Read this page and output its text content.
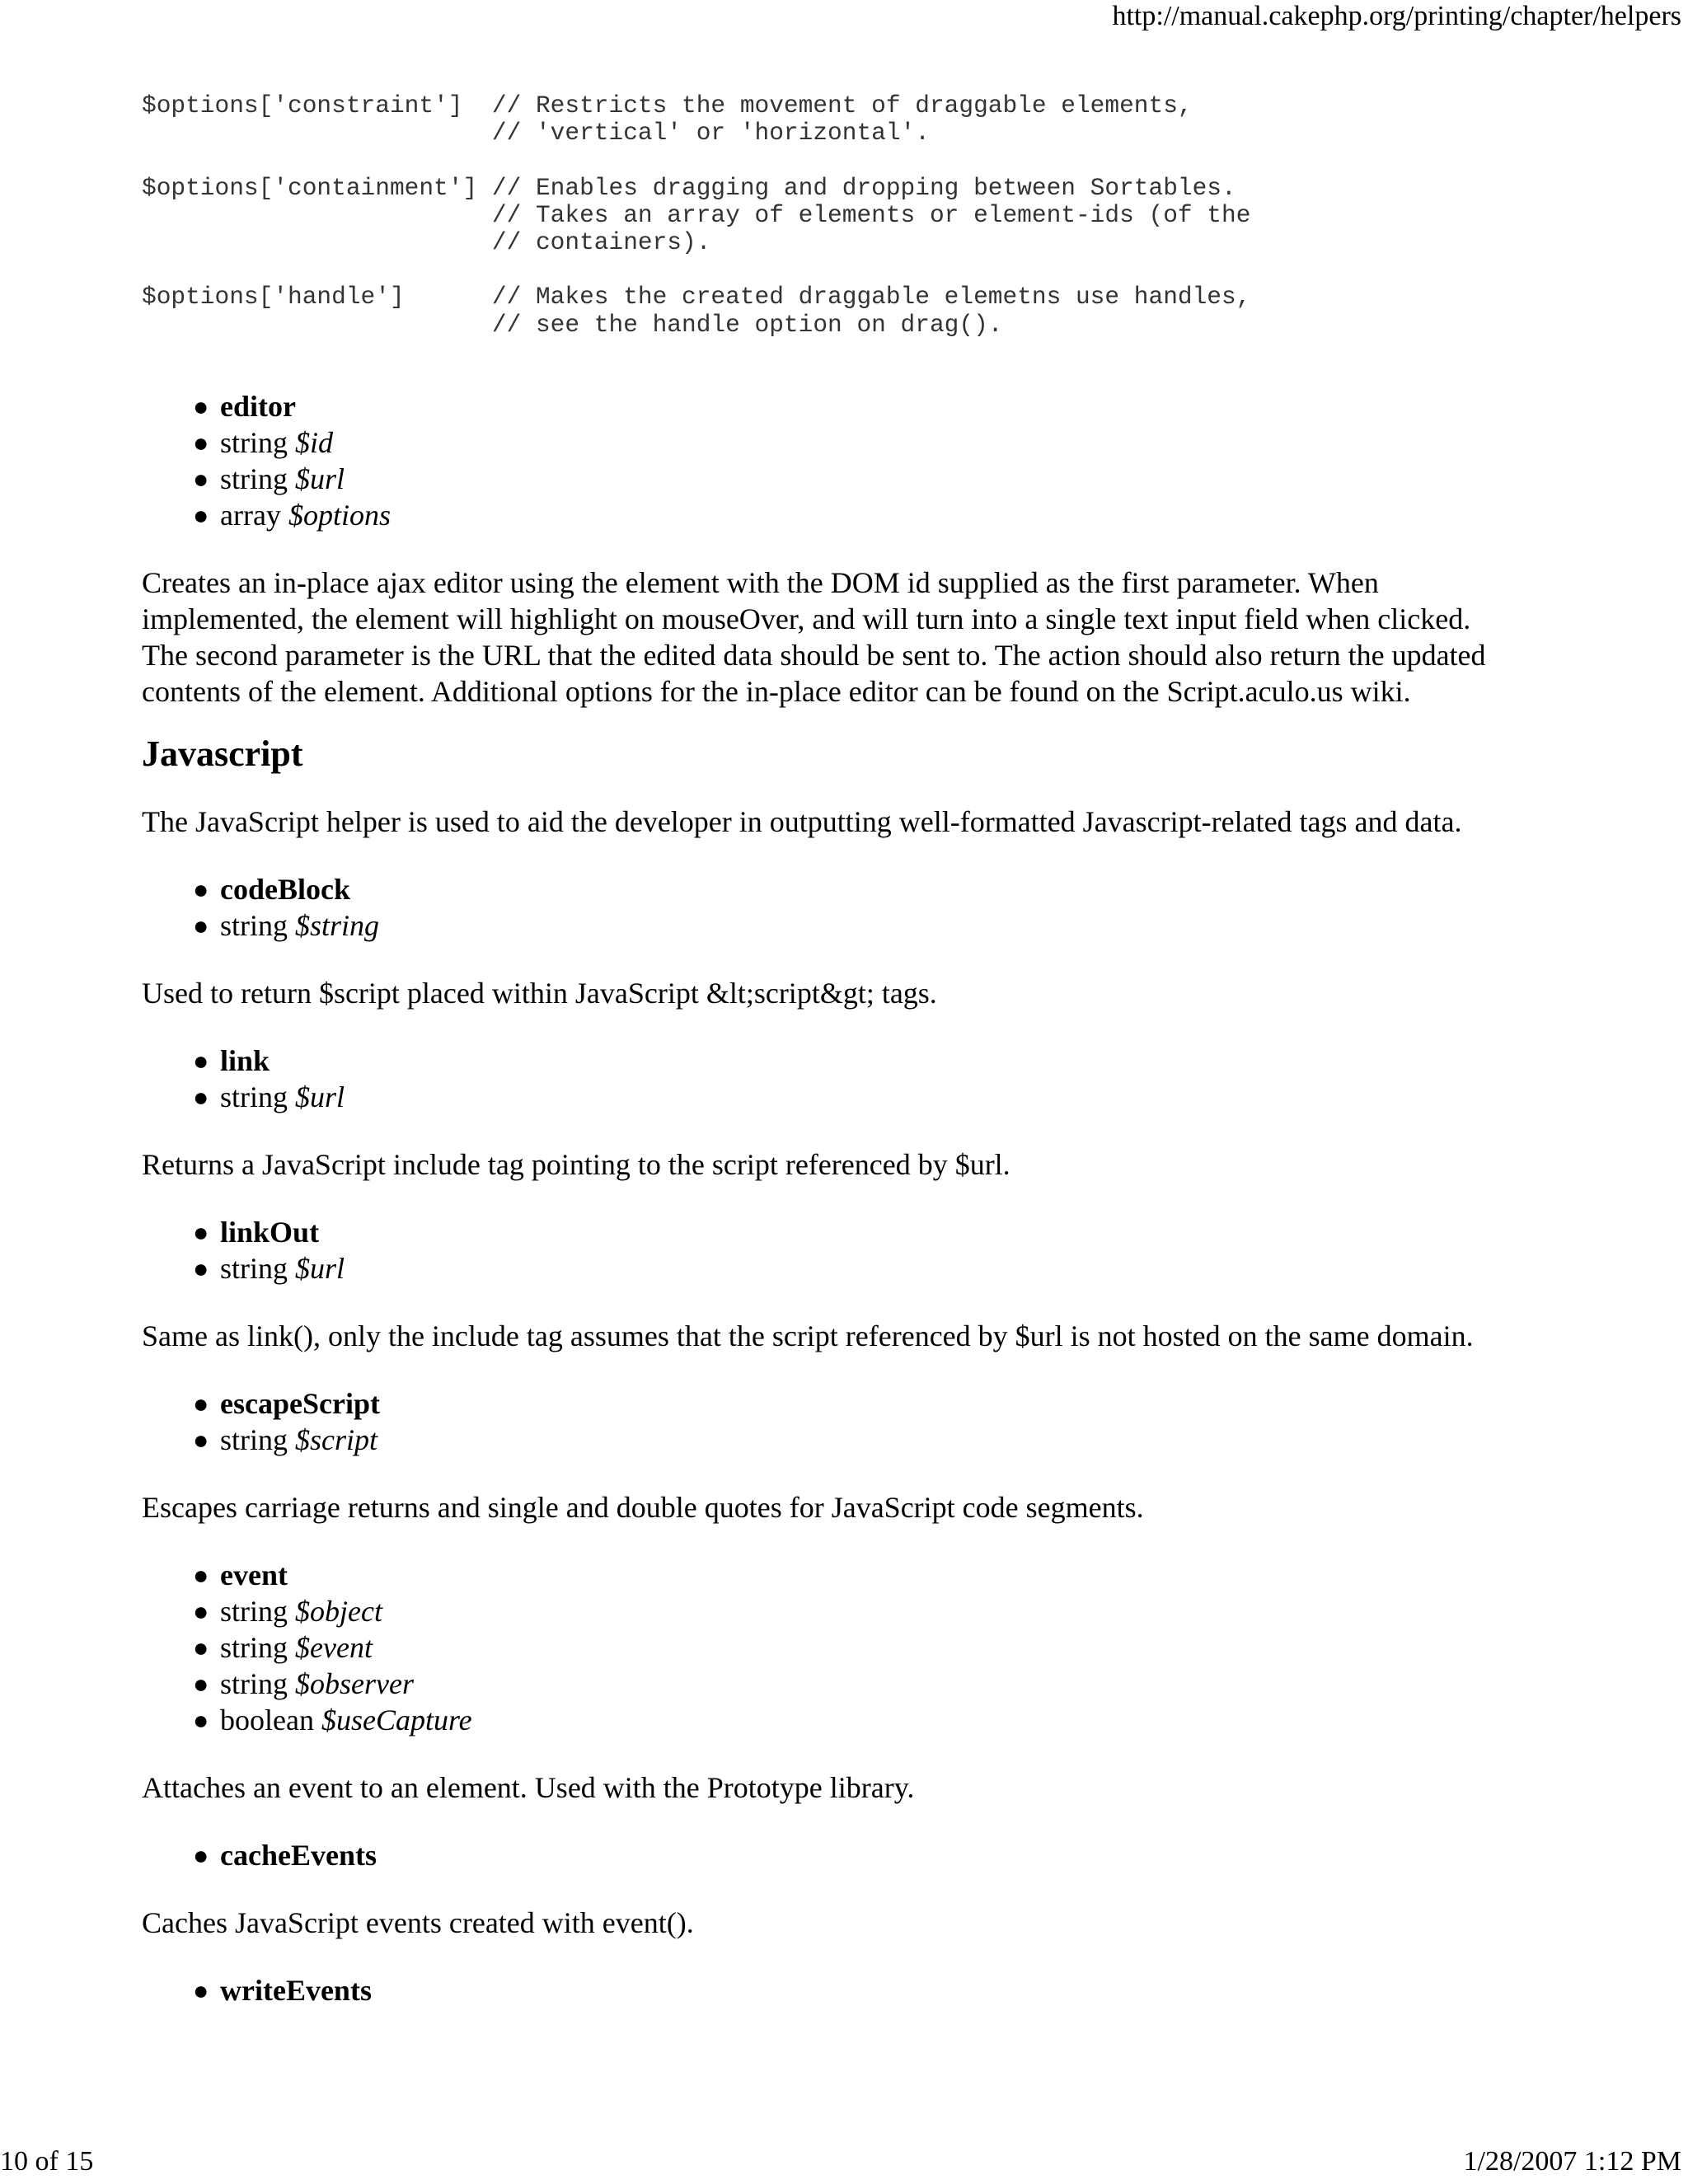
http://manual.cakephp.org/printing/chapter/helpers
$options['constraint']  // Restricts the movement of draggable elements,
// 'vertical' or 'horizontal'.
$options['containment'] // Enables dragging and dropping between Sortables.
// Takes an array of elements or element-ids (of the
// containers).
$options['handle']      // Makes the created draggable elemetns use handles,
// see the handle option on drag().
● editor
● string $id
● string $url
● array $options

Creates an in-place ajax editor using the element with the DOM id supplied as the first parameter. When

implemented, the element will highlight on mouseOver, and will turn into a single text input field when clicked.

The second parameter is the URL that the edited data should be sent to. The action should also return the updated

contents of the element. Additional options for the in-place editor can be found on the Script.aculo.us wiki.

Javascript

The JavaScript helper is used to aid the developer in outputting well-formatted Javascript-related tags and data.

● codeBlock
● string $string

Used to return $script placed within JavaScript &lt;script&gt; tags.

● link
● string $url

Returns a JavaScript include tag pointing to the script referenced by $url.

● linkOut
● string $url

Same as link(), only the include tag assumes that the script referenced by $url is not hosted on the same domain.

● escapeScript
● string $script

Escapes carriage returns and single and double quotes for JavaScript code segments.

● event
● string $object
● string $event
● string $observer
● boolean $useCapture

Attaches an event to an element. Used with the Prototype library.

● cacheEvents

Caches JavaScript events created with event().

● writeEvents
10 of 15	1/28/2007 1:12 PM
